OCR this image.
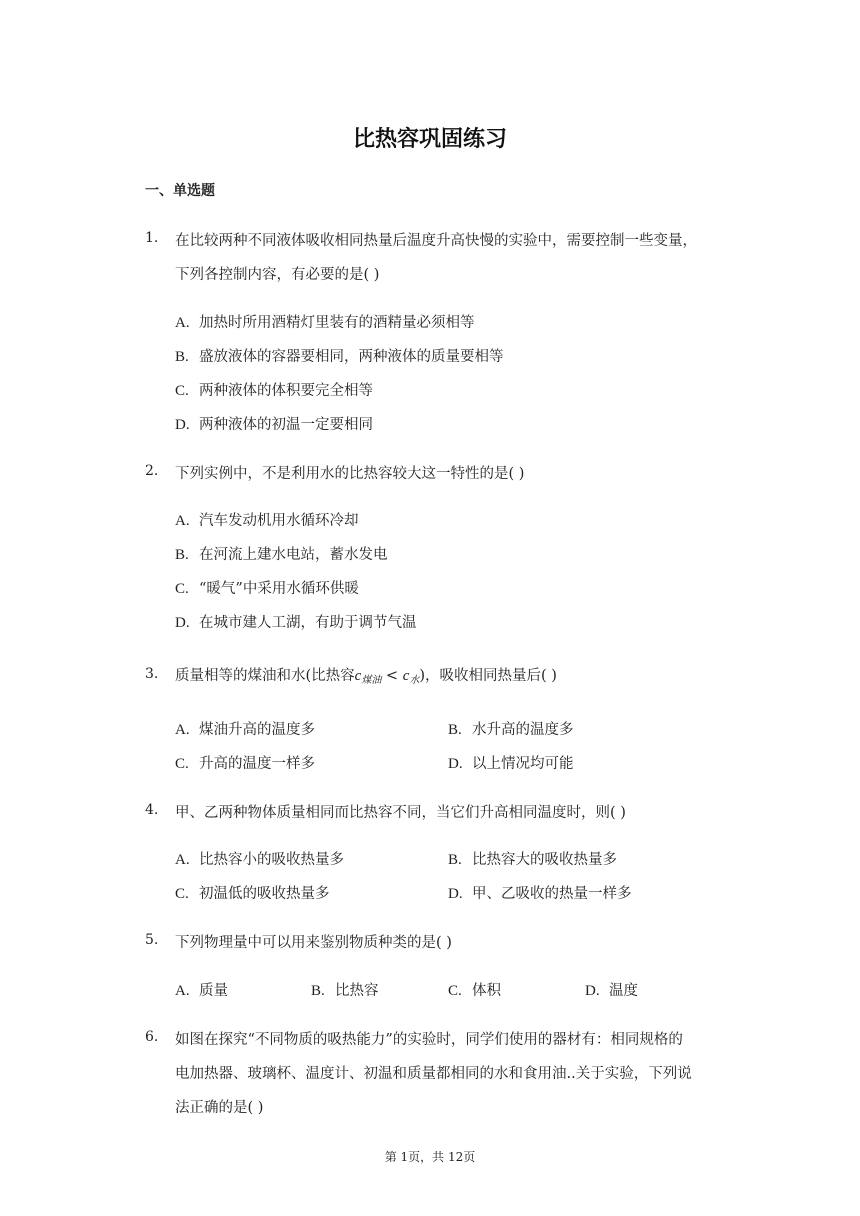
比热容巩固练习
一、单选题
1. 在比较两种不同液体吸收相同热量后温度升高快慢的实验中，需要控制一些变量，
下列各控制内容，有必要的是( )
A. 加热时所用酒精灯里装有的酒精量必须相等
B. 盛放液体的容器要相同，两种液体的质量要相等
C. 两种液体的体积要完全相等
D. 两种液体的初温一定要相同
2. 下列实例中，不是利用水的比热容较大这一特性的是( )
A. 汽车发动机用水循环冷却
B. 在河流上建水电站，蓄水发电
C. “暖气”中采用水循环供暖
D. 在城市建人工湖，有助于调节气温
3. 质量相等的煤油和水(比热容$c_{煤油} < c_水$)，吸收相同热量后( )
A. 煤油升高的温度多	B. 水升高的温度多
C. 升高的温度一样多	D. 以上情况均可能
4. 甲、乙两种物体质量相同而比热容不同，当它们升高相同温度时，则( )
A. 比热容小的吸收热量多	B. 比热容大的吸收热量多
C. 初温低的吸收热量多	D. 甲、乙吸收的热量一样多
5. 下列物理量中可以用来鉴别物质种类的是( )
A. 质量	B. 比热容	C. 体积	D. 温度
6. 如图在探究“不同物质的吸热能力”的实验时，同学们使用的器材有：相同规格的
电加热器、玻璃杯、温度计、初温和质量都相同的水和食用油..关于实验，下列说
法正确的是( )
第 1页，共 12页
